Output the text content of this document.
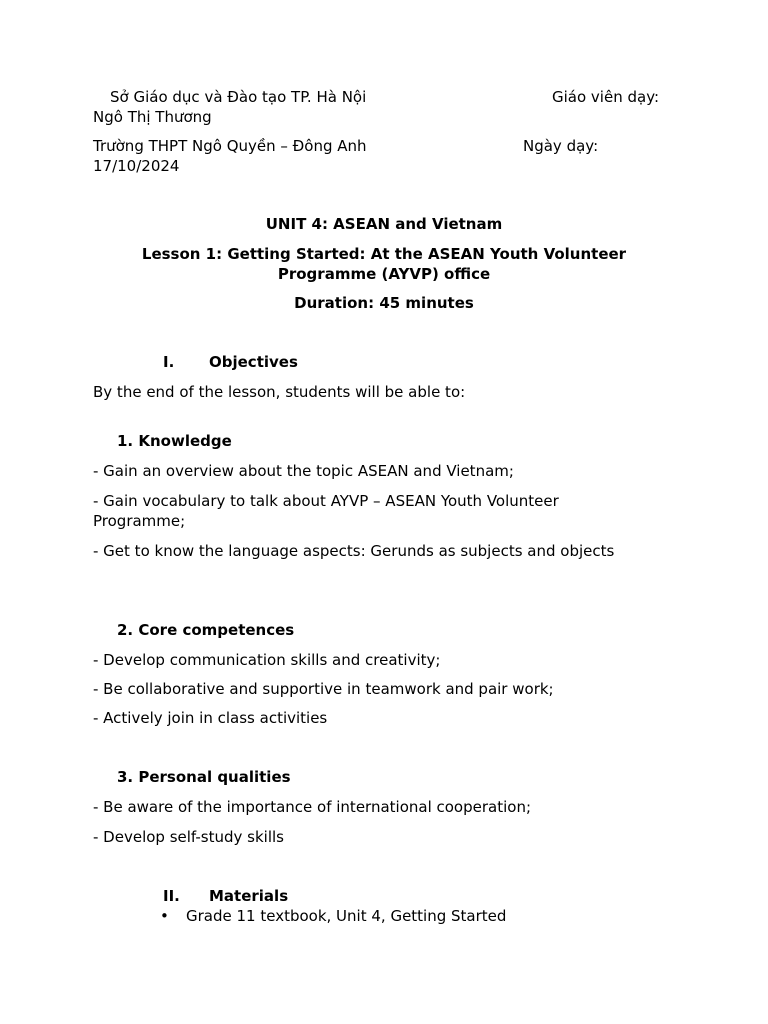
Sở Giáo dục và Đào tạo TP. Hà Nội	Giáo viên dạy:
Ngô Thị Thương
Trường THPT Ngô Quyền – Đông Anh	Ngày dạy:
17/10/2024
UNIT 4: ASEAN and Vietnam
Lesson 1: Getting Started: At the ASEAN Youth Volunteer
Programme (AYVP) office
Duration: 45 minutes
I. Objectives
By the end of the lesson, students will be able to:
1. Knowledge
- Gain an overview about the topic ASEAN and Vietnam;
- Gain vocabulary to talk about AYVP – ASEAN Youth Volunteer Programme;
- Get to know the language aspects: Gerunds as subjects and objects
2. Core competences
- Develop communication skills and creativity;
- Be collaborative and supportive in teamwork and pair work;
- Actively join in class activities
3. Personal qualities
- Be aware of the importance of international cooperation;
- Develop self-study skills
II. Materials
• Grade 11 textbook, Unit 4, Getting Started
